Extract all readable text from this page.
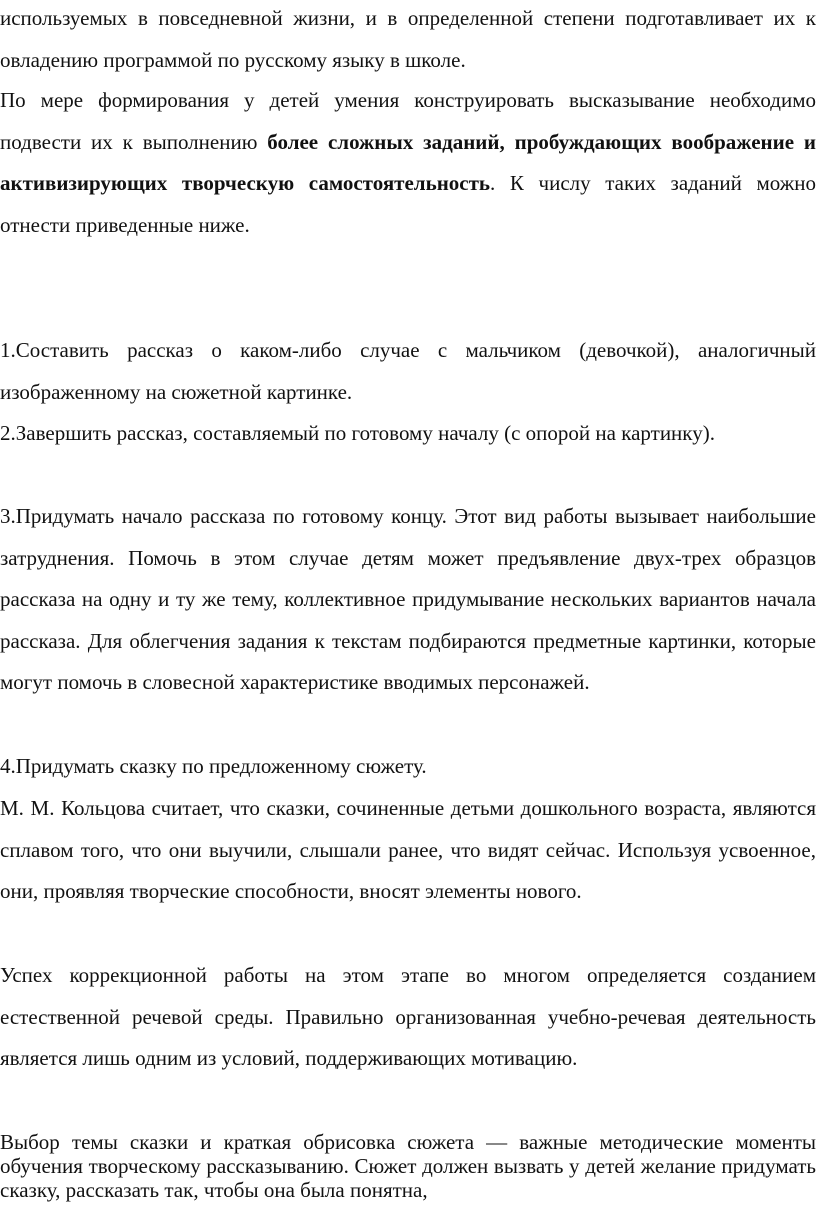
используемых в повседневной жизни, и в определенной степени подготавливает их к овладению программой по русскому языку в школе.

По мере формирования у детей умения конструировать высказывание необходимо подвести их к выполнению более сложных заданий, пробуждающих воображение и активизирующих творческую самостоятельность. К числу таких заданий можно отнести приведенные ниже.

1.Составить рассказ о каком-либо случае с мальчиком (девочкой), аналогичный изображенному на сюжетной картинке.

2.Завершить рассказ, составляемый по готовому началу (с опорой на картинку).

3.Придумать начало рассказа по готовому концу. Этот вид работы вызывает наибольшие затруднения. Помочь в этом случае детям может предъявление двух-трех образцов рассказа на одну и ту же тему, коллективное придумывание нескольких вариантов начала рассказа. Для облегчения задания к текстам подбираются предметные картинки, которые могут помочь в словесной характеристике вводимых персонажей.

4.Придумать сказку по предложенному сюжету.

М. М. Кольцова считает, что сказки, сочиненные детьми дошкольного возраста, являются сплавом того, что они выучили, слышали ранее, что видят сейчас. Используя усвоенное, они, проявляя творческие способности, вносят элементы нового.

Успех коррекционной работы на этом этапе во многом определяется созданием естественной речевой среды. Правильно организованная учебно-речевая деятельность является лишь одним из условий, поддерживающих мотивацию.

Выбор темы сказки и краткая обрисовка сюжета — важные методические моменты обучения творческому рассказыванию. Сюжет должен вызвать у детей желание придумать сказку, рассказать так, чтобы она была понятна,
